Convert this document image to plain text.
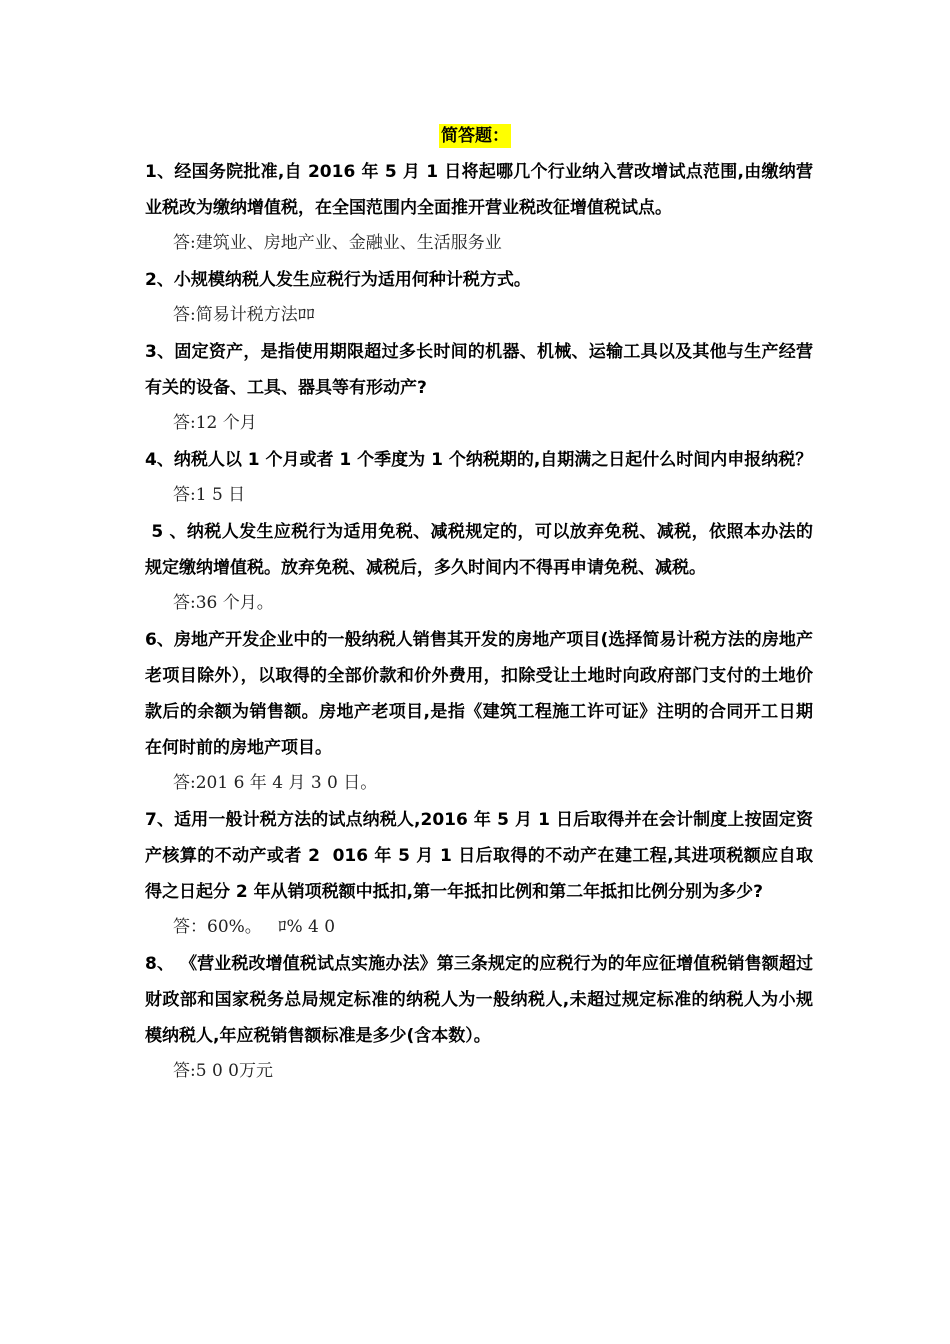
简答题：

1、经国务院批准,自 2016 年 5 月 1 日将起哪几个行业纳入营改增试点范围,由缴纳营业税改为缴纳增值税，在全国范围内全面推开营业税改征增值税试点。

答:建筑业、房地产业、金融业、生活服务业

2、小规模纳税人发生应税行为适用何种计税方式。

答:简易计税方法ﾛﾛ

3、固定资产，是指使用期限超过多长时间的机器、机械、运输工具以及其他与生产经营有关的设备、工具、器具等有形动产?

答:12 个月

4、纳税人以 1 个月或者 1 个季度为 1 个纳税期的,自期满之日起什么时间内申报纳税？

答:1 5 日

5 、纳税人发生应税行为适用免税、减税规定的，可以放弃免税、减税，依照本办法的规定缴纳增值税。放弃免税、减税后，多久时间内不得再申请免税、减税。

答:36 个月。

6、房地产开发企业中的一般纳税人销售其开发的房地产项目(选择简易计税方法的房地产老项目除外），以取得的全部价款和价外费用，扣除受让土地时向政府部门支付的土地价款后的余额为销售额。房地产老项目,是指《建筑工程施工许可证》注明的合同开工日期在何时前的房地产项目。

答:201 6 年 4 月 3 0 日。

7、适用一般计税方法的试点纳税人,2016 年 5 月 1 日后取得并在会计制度上按固定资产核算的不动产或者 2  016 年 5 月 1 日后取得的不动产在建工程,其进项税额应自取得之日起分 2 年从销项税额中抵扣,第一年抵扣比例和第二年抵扣比例分别为多少?

答：60%。   ﾛ% 4 0

8、 《营业税改增值税试点实施办法》第三条规定的应税行为的年应征增值税销售额超过财政部和国家税务总局规定标准的纳税人为一般纳税人,未超过规定标准的纳税人为小规模纳税人,年应税销售额标准是多少(含本数）。

答:5 0 0万元
